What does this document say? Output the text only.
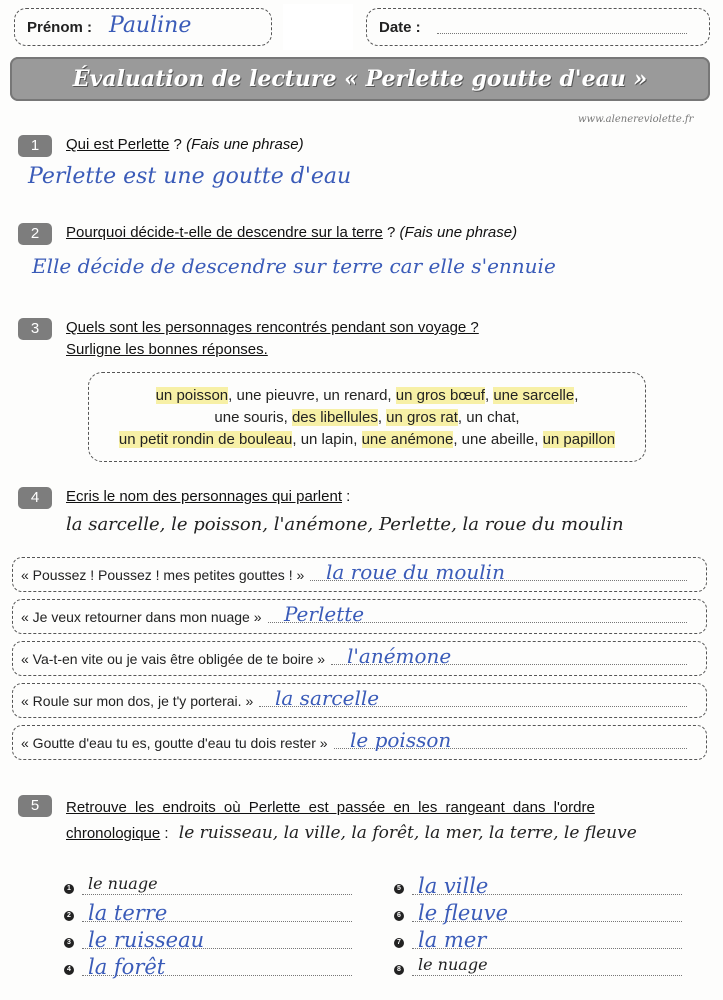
Prénom : Pauline	Date :
Évaluation de lecture « Perlette goutte d'eau »
www.alenereviolette.fr
1	Qui est Perlette ? (Fais une phrase)
Perlette est une goutte d'eau
2	Pourquoi décide-t-elle de descendre sur la terre ? (Fais une phrase)
Elle décide de descendre sur terre car elle s'ennuie
3	Quels sont les personnages rencontrés pendant son voyage ?
Surligne les bonnes réponses.
un poisson, une pieuvre, un renard, un gros bœuf, une sarcelle,
une souris, des libellules, un gros rat, un chat,
un petit rondin de bouleau, un lapin, une anémone, une abeille, un papillon
4	Ecris le nom des personnages qui parlent :
la sarcelle, le poisson, l'anémone, Perlette, la roue du moulin
« Poussez ! Poussez ! mes petites gouttes ! » la roue du moulin
« Je veux retourner dans mon nuage » Perlette
« Va-t-en vite ou je vais être obligée de te boire » l'anémone
« Roule sur mon dos, je t'y porterai. » la sarcelle
« Goutte d'eau tu es, goutte d'eau tu dois rester » le poisson
5	Retrouve les endroits où Perlette est passée en les rangeant dans l'ordre
chronologique : le ruisseau, la ville, la forêt, la mer, la terre, le fleuve
1 le nuage
2 la terre
3 le ruisseau
4 la forêt
5 la ville
6 le fleuve
7 la mer
8 le nuage
